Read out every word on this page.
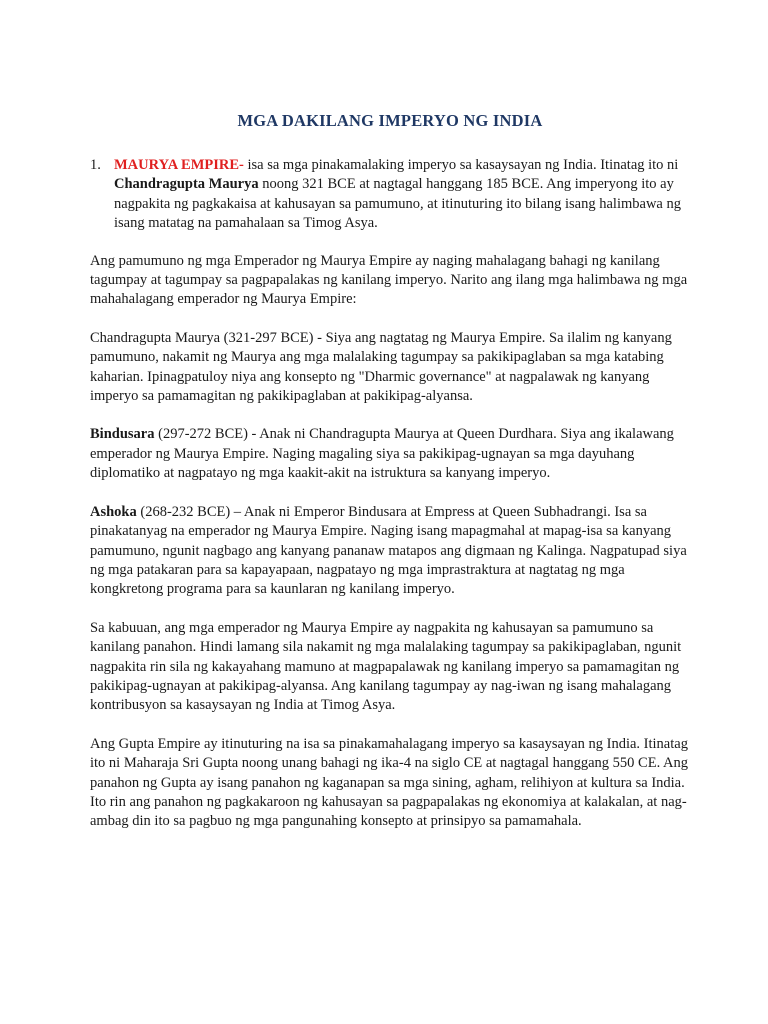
MGA DAKILANG IMPERYO NG INDIA
1. MAURYA EMPIRE- isa sa mga pinakamalaking imperyo sa kasaysayan ng India. Itinatag ito ni Chandragupta Maurya noong 321 BCE at nagtagal hanggang 185 BCE. Ang imperyong ito ay nagpakita ng pagkakaisa at kahusayan sa pamumuno, at itinuturing ito bilang isang halimbawa ng isang matatag na pamahalaan sa Timog Asya.

Ang pamumuno ng mga Emperador ng Maurya Empire ay naging mahalagang bahagi ng kanilang tagumpay at tagumpay sa pagpapalakas ng kanilang imperyo. Narito ang ilang mga halimbawa ng mga mahahalagang emperador ng Maurya Empire:

Chandragupta Maurya (321-297 BCE) - Siya ang nagtatag ng Maurya Empire. Sa ilalim ng kanyang pamumuno, nakamit ng Maurya ang mga malalaking tagumpay sa pakikipaglaban sa mga katabing kaharian. Ipinagpatuloy niya ang konsepto ng "Dharmic governance" at nagpalawak ng kanyang imperyo sa pamamagitan ng pakikipaglaban at pakikipag-alyansa.

Bindusara (297-272 BCE) - Anak ni Chandragupta Maurya at Queen Durdhara. Siya ang ikalawang emperador ng Maurya Empire. Naging magaling siya sa pakikipag-ugnayan sa mga dayuhang diplomatiko at nagpatayo ng mga kaakit-akit na istruktura sa kanyang imperyo.

Ashoka (268-232 BCE) – Anak ni Emperor Bindusara at Empress at Queen Subhadrangi. Isa sa pinakatanyag na emperador ng Maurya Empire. Naging isang mapagmahal at mapag-isa sa kanyang pamumuno, ngunit nagbago ang kanyang pananaw matapos ang digmaan ng Kalinga. Nagpatupad siya ng mga patakaran para sa kapayapaan, nagpatayo ng mga imprastraktura at nagtatag ng mga kongkretong programa para sa kaunlaran ng kanilang imperyo.

Sa kabuuan, ang mga emperador ng Maurya Empire ay nagpakita ng kahusayan sa pamumuno sa kanilang panahon. Hindi lamang sila nakamit ng mga malalaking tagumpay sa pakikipaglaban, ngunit nagpakita rin sila ng kakayahang mamuno at magpapalawak ng kanilang imperyo sa pamamagitan ng pakikipag-ugnayan at pakikipag-alyansa. Ang kanilang tagumpay ay nag-iwan ng isang mahalagang kontribusyon sa kasaysayan ng India at Timog Asya.

Ang Gupta Empire ay itinuturing na isa sa pinakamahalagang imperyo sa kasaysayan ng India. Itinatag ito ni Maharaja Sri Gupta noong unang bahagi ng ika-4 na siglo CE at nagtagal hanggang 550 CE. Ang panahon ng Gupta ay isang panahon ng kaganapan sa mga sining, agham, relihiyon at kultura sa India. Ito rin ang panahon ng pagkakaroon ng kahusayan sa pagpapalakas ng ekonomiya at kalakalan, at nag-ambag din ito sa pagbuo ng mga pangunahing konsepto at prinsipyo sa pamamahala.
